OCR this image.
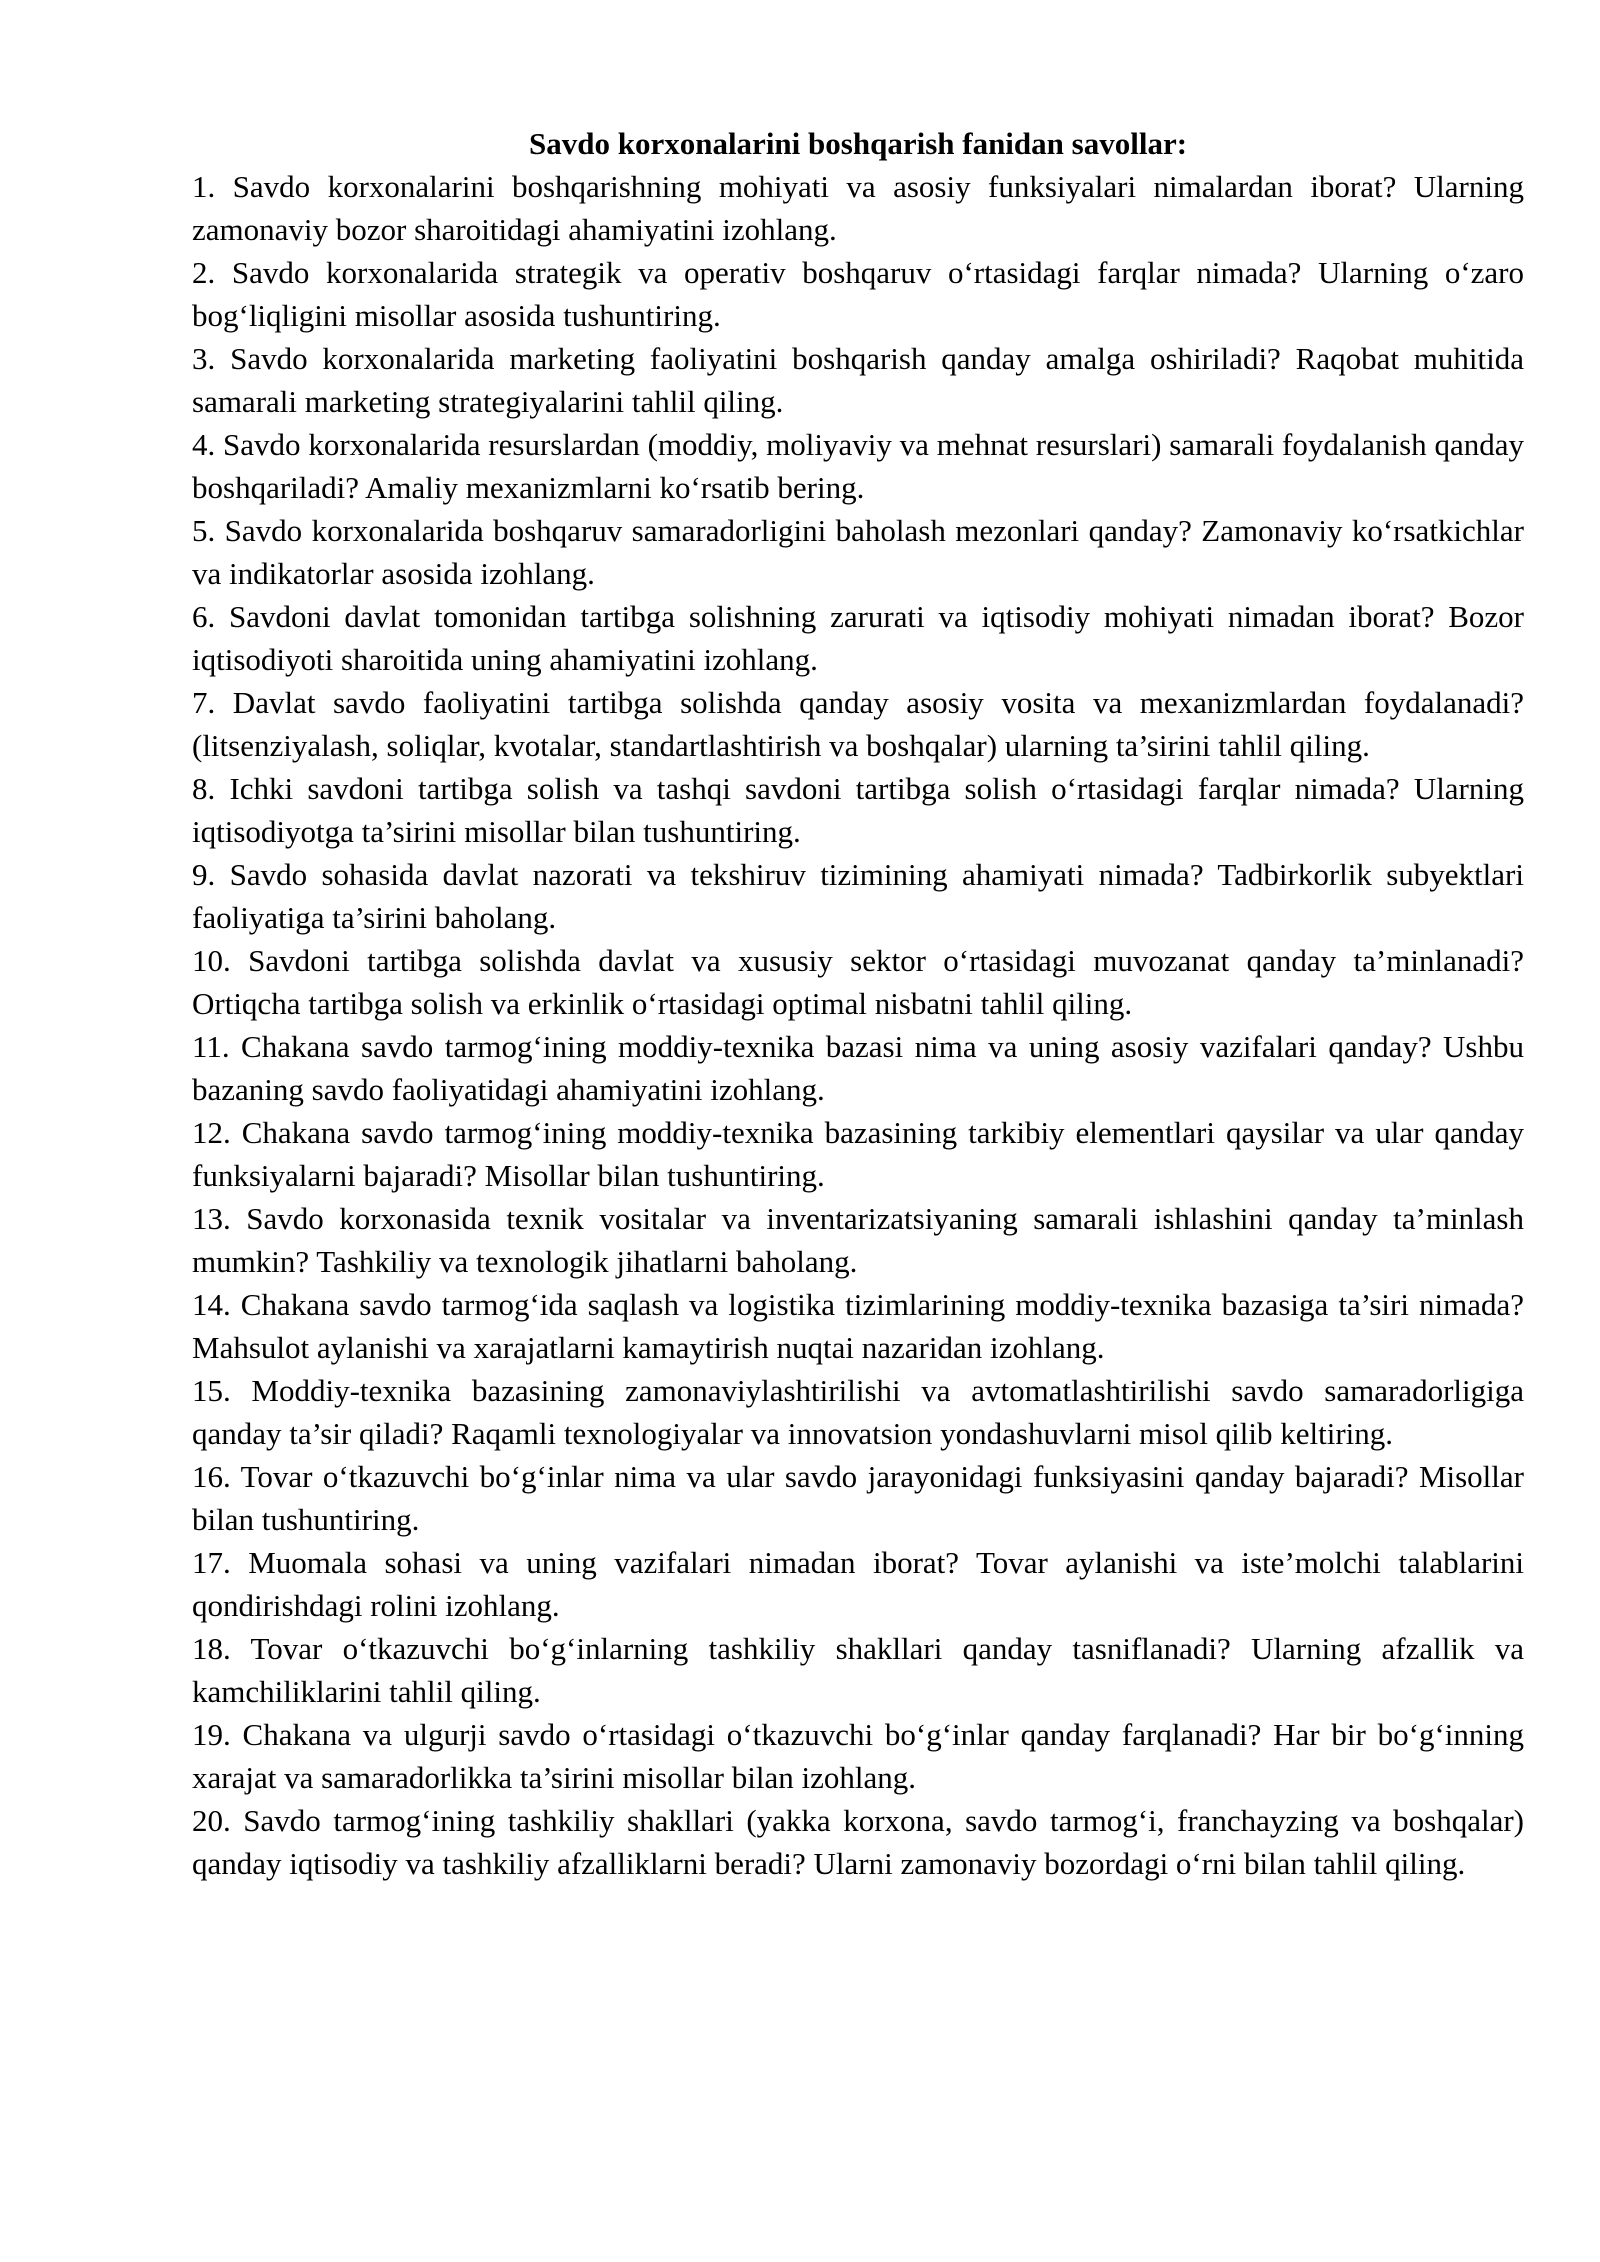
Savdo korxonalarini boshqarish fanidan savollar:

1. Savdo korxonalarini boshqarishning mohiyati va asosiy funksiyalari nimalardan iborat? Ularning zamonaviy bozor sharoitidagi ahamiyatini izohlang.

2. Savdo korxonalarida strategik va operativ boshqaruv o‘rtasidagi farqlar nimada? Ularning o‘zaro bog‘liqligini misollar asosida tushuntiring.

3. Savdo korxonalarida marketing faoliyatini boshqarish qanday amalga oshiriladi? Raqobat muhitida samarali marketing strategiyalarini tahlil qiling.

4. Savdo korxonalarida resurslardan (moddiy, moliyaviy va mehnat resurslari) samarali foydalanish qanday boshqariladi? Amaliy mexanizmlarni ko‘rsatib bering.

5. Savdo korxonalarida boshqaruv samaradorligini baholash mezonlari qanday? Zamonaviy ko‘rsatkichlar va indikatorlar asosida izohlang.

6. Savdoni davlat tomonidan tartibga solishning zarurati va iqtisodiy mohiyati nimadan iborat? Bozor iqtisodiyoti sharoitida uning ahamiyatini izohlang.

7. Davlat savdo faoliyatini tartibga solishda qanday asosiy vosita va mexanizmlardan foydalanadi? (litsenziyalash, soliqlar, kvotalar, standartlashtirish va boshqalar) ularning ta’sirini tahlil qiling.

8. Ichki savdoni tartibga solish va tashqi savdoni tartibga solish o‘rtasidagi farqlar nimada? Ularning iqtisodiyotga ta’sirini misollar bilan tushuntiring.

9. Savdo sohasida davlat nazorati va tekshiruv tizimining ahamiyati nimada? Tadbirkorlik subyektlari faoliyatiga ta’sirini baholang.

10. Savdoni tartibga solishda davlat va xususiy sektor o‘rtasidagi muvozanat qanday ta’minlanadi? Ortiqcha tartibga solish va erkinlik o‘rtasidagi optimal nisbatni tahlil qiling.

11. Chakana savdo tarmog‘ining moddiy-texnika bazasi nima va uning asosiy vazifalari qanday? Ushbu bazaning savdo faoliyatidagi ahamiyatini izohlang.

12. Chakana savdo tarmog‘ining moddiy-texnika bazasining tarkibiy elementlari qaysilar va ular qanday funksiyalarni bajaradi? Misollar bilan tushuntiring.

13. Savdo korxonasida texnik vositalar va inventarizatsiyaning samarali ishlashini qanday ta’minlash mumkin? Tashkiliy va texnologik jihatlarni baholang.

14. Chakana savdo tarmog‘ida saqlash va logistika tizimlarining moddiy-texnika bazasiga ta’siri nimada? Mahsulot aylanishi va xarajatlarni kamaytirish nuqtai nazaridan izohlang.

15. Moddiy-texnika bazasining zamonaviylashtirilishi va avtomatlashtirilishi savdo samaradorligiga qanday ta’sir qiladi? Raqamli texnologiyalar va innovatsion yondashuvlarni misol qilib keltiring.

16. Tovar o‘tkazuvchi bo‘g‘inlar nima va ular savdo jarayonidagi funksiyasini qanday bajaradi? Misollar bilan tushuntiring.

17. Muomala sohasi va uning vazifalari nimadan iborat? Tovar aylanishi va iste’molchi talablarini qondirishdagi rolini izohlang.

18. Tovar o‘tkazuvchi bo‘g‘inlarning tashkiliy shakllari qanday tasniflanadi? Ularning afzallik va kamchiliklarini tahlil qiling.

19. Chakana va ulgurji savdo o‘rtasidagi o‘tkazuvchi bo‘g‘inlar qanday farqlanadi? Har bir bo‘g‘inning xarajat va samaradorlikka ta’sirini misollar bilan izohlang.

20. Savdo tarmog‘ining tashkiliy shakllari (yakka korxona, savdo tarmog‘i, franchayzing va boshqalar) qanday iqtisodiy va tashkiliy afzalliklarni beradi? Ularni zamonaviy bozordagi o‘rni bilan tahlil qiling.
